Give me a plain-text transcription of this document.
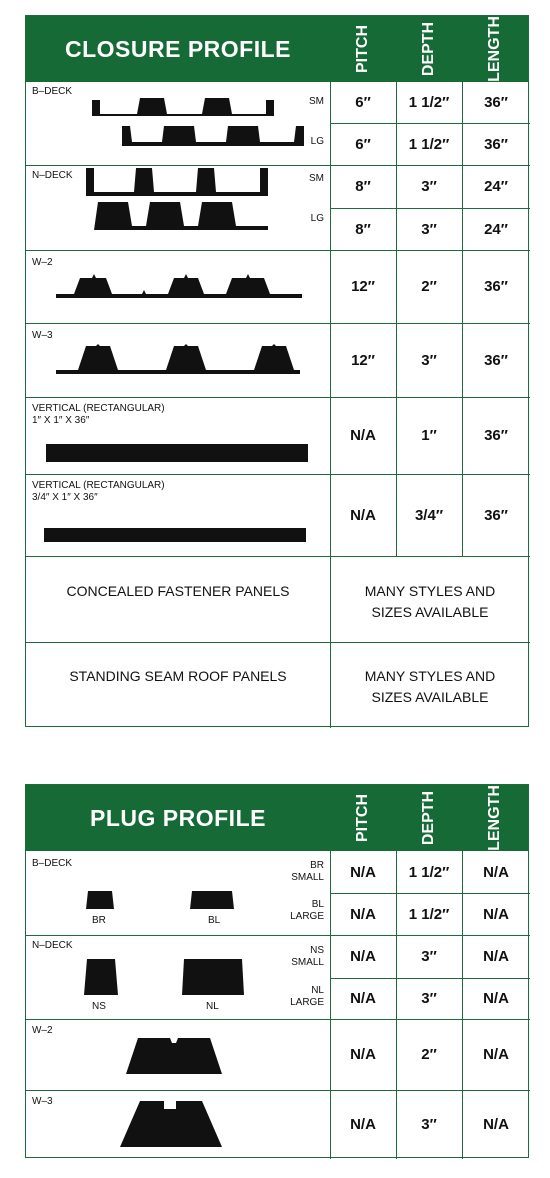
CLOSURE PROFILE	PITCH	DEPTH	LENGTH
B–DECK
SM
LG
6″	1 1/2″	36″
6″	1 1/2″	36″
N–DECK	SM
LG
8″	3″	24″
8″	3″	24″
W–2
12″	2″	36″
W–3
12″	3″	36″
VERTICAL (RECTANGULAR)
1″ X 1″ X 36″
N/A	1″	36″
VERTICAL (RECTANGULAR)
3/4″ X 1″ X 36″
N/A	3/4″	36″
CONCEALED FASTENER PANELS	MANY STYLES AND
SIZES AVAILABLE
STANDING SEAM ROOF PANELS	MANY STYLES AND
SIZES AVAILABLE
PLUG PROFILE	PITCH	DEPTH	LENGTH
B–DECK
BR	BL
BR
SMALL
BL
LARGE
N/A	1 1/2″	N/A
N/A	1 1/2″	N/A
N–DECK
NS	NL
NS
SMALL
NL
LARGE
N/A	3″	N/A
N/A	3″	N/A
W–2
N/A	2″	N/A
W–3
N/A	3″	N/A
